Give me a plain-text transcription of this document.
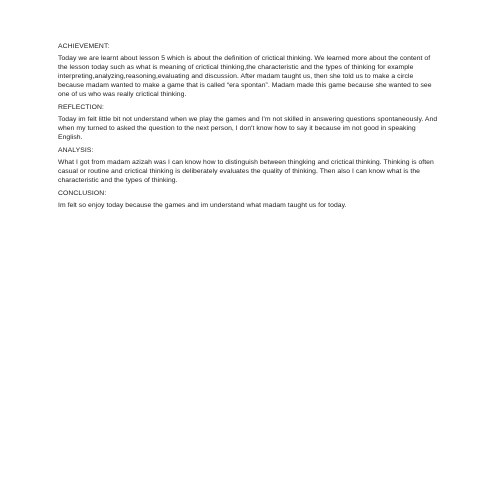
ACHIEVEMENT:

Today we are learnt about lesson 5 which is about the definition of crictical thinking. We learned more about the content of the lesson today such as what is meaning of crictical thinking,the characteristic and the types of thinking for example interpreting,analyzing,reasoning,evaluating and discussion. After madam taught us, then she told us to make a circle because madam wanted to make a game that is called “era spontan”. Madam made this game because she wanted to see one of us who was really crictical thinking.

REFLECTION:

Today im felt little bit not understand when we play the games and I'm not skilled in answering questions spontaneously. And when my turned to asked the question to the next person, I don't know how to say it because im not good in speaking English.

ANALYSIS:

What I got from madam azizah was I can know how to distinguish between thingking and crictical thinking. Thinking is often casual or routine and crictical thinking is deliberately evaluates the quality of thinking. Then also I can know what is the characteristic and the types of thinking.

CONCLUSION:

Im felt so enjoy today because the games and im understand what madam taught us for today.
